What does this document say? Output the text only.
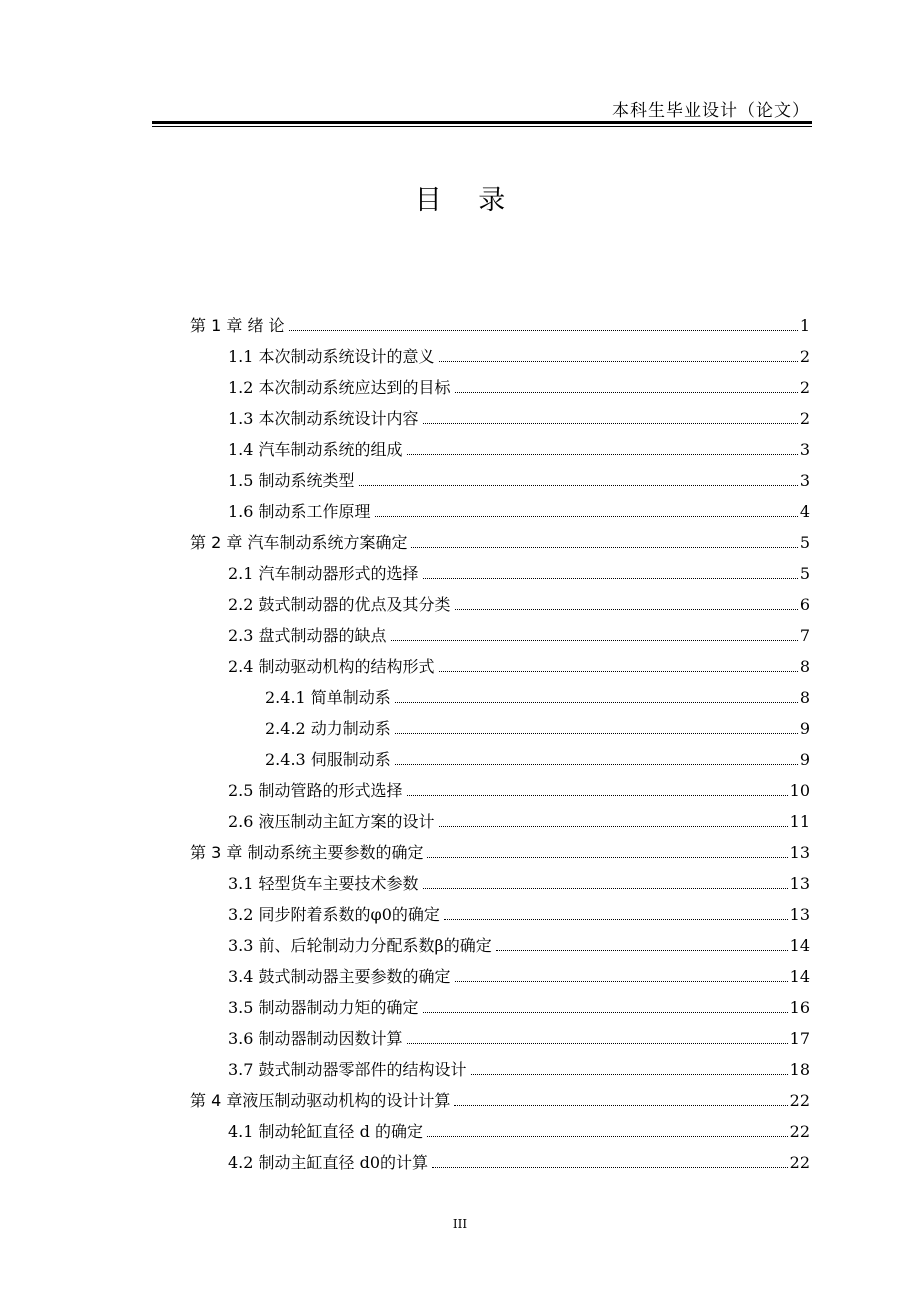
本科生毕业设计（论文）
目 录
第 1 章 绪 论	1
1.1 本次制动系统设计的意义	2
1.2 本次制动系统应达到的目标	2
1.3 本次制动系统设计内容	2
1.4 汽车制动系统的组成	3
1.5 制动系统类型	3
1.6 制动系工作原理	4
第 2 章 汽车制动系统方案确定	5
2.1 汽车制动器形式的选择	5
2.2 鼓式制动器的优点及其分类	6
2.3 盘式制动器的缺点	7
2.4 制动驱动机构的结构形式	8
2.4.1 简单制动系	8
2.4.2 动力制动系	9
2.4.3 伺服制动系	9
2.5 制动管路的形式选择	10
2.6 液压制动主缸方案的设计	11
第 3 章 制动系统主要参数的确定	13
3.1 轻型货车主要技术参数	13
3.2 同步附着系数的φ0的确定	13
3.3 前、后轮制动力分配系数β的确定	14
3.4 鼓式制动器主要参数的确定	14
3.5 制动器制动力矩的确定	16
3.6 制动器制动因数计算	17
3.7 鼓式制动器零部件的结构设计	18
第 4 章液压制动驱动机构的设计计算	22
4.1 制动轮缸直径 d 的确定	22
4.2 制动主缸直径 d0的计算	22
III
